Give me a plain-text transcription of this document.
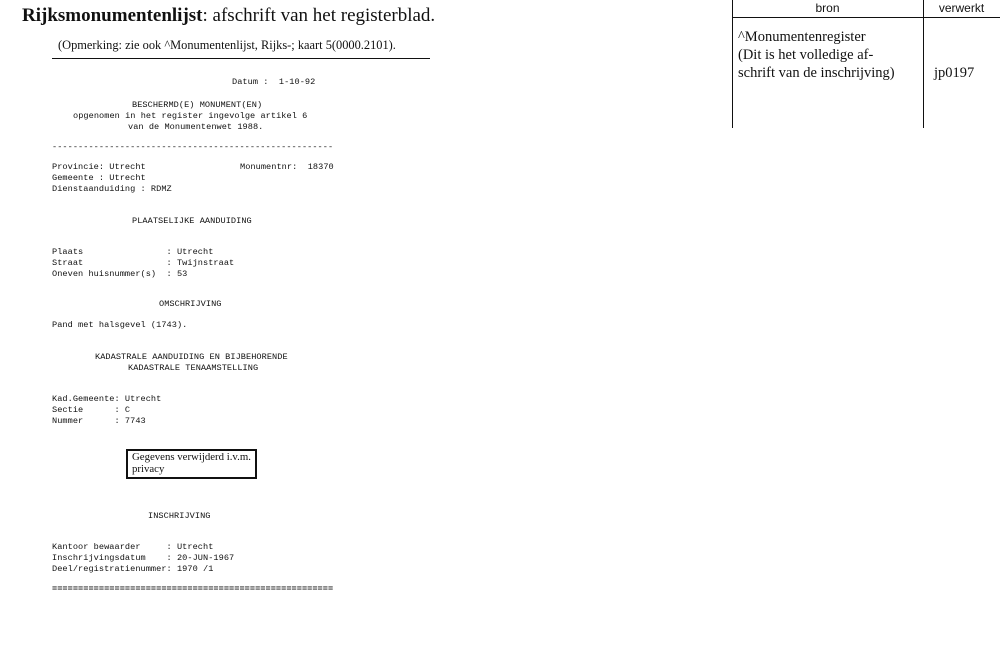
Rijksmonumentenlijst: afschrift van het registerblad.
(Opmerking: zie ook ^Monumentenlijst, Rijks-; kaart 5(0000.2101).
bron	verwerkt
^Monumentenregister
(Dit is het volledige af-
schrift van de inschrijving)	jp0197
Datum :  1-10-92
BESCHERMD(E) MONUMENT(EN)
opgenomen in het register ingevolge artikel 6
van de Monumentenwet 1988.
------------------------------------------------------
Provincie: Utrecht	Monumentnr:  18370
Gemeente : Utrecht
Dienstaanduiding : RDMZ
PLAATSELIJKE AANDUIDING
Plaats                : Utrecht
Straat                : Twijnstraat
Oneven huisnummer(s)  : 53
OMSCHRIJVING
Pand met halsgevel (1743).
KADASTRALE AANDUIDING EN BIJBEHORENDE
KADASTRALE TENAAMSTELLING
Kad.Gemeente: Utrecht
Sectie      : C
Nummer      : 7743
Gegevens verwijderd i.v.m. privacy
INSCHRIJVING
Kantoor bewaarder     : Utrecht
Inschrijvingsdatum    : 20-JUN-1967
Deel/registratienummer: 1970 /1
======================================================
